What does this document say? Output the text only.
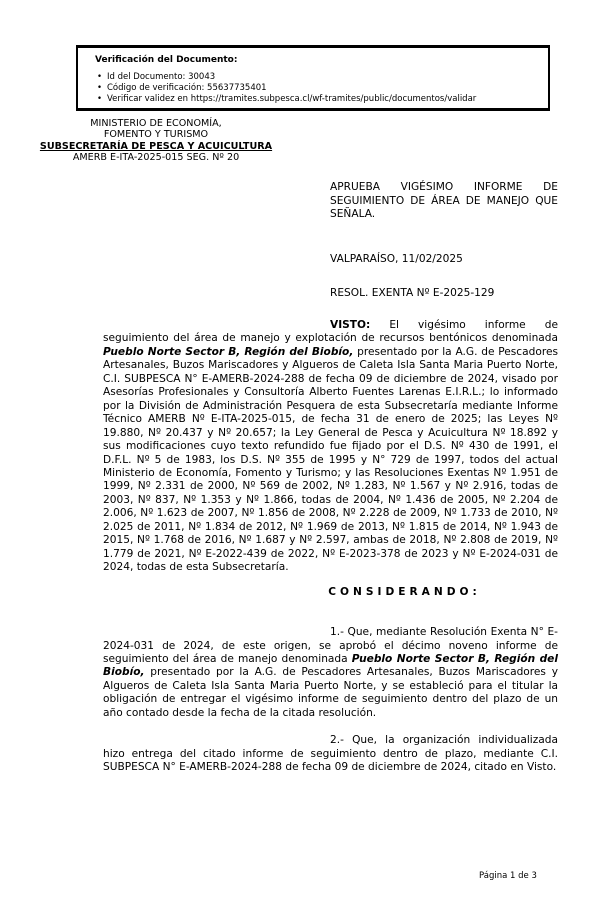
Verificación del Documento:
• Id del Documento: 30043
• Código de verificación: 55637735401
• Verificar validez en https://tramites.subpesca.cl/wf-tramites/public/documentos/validar
MINISTERIO DE ECONOMÍA,
FOMENTO Y TURISMO
SUBSECRETARÍA DE PESCA Y ACUICULTURA
AMERB E-ITA-2025-015 SEG. Nº 20
APRUEBA VIGÉSIMO INFORME DE SEGUIMIENTO DE ÁREA DE MANEJO QUE SEÑALA.
VALPARAÍSO, 11/02/2025
RESOL. EXENTA Nº E-2025-129

VISTO: El vigésimo informe de seguimiento del área de manejo y explotación de recursos bentónicos denominada Pueblo Norte Sector B, Región del Biobío, presentado por la A.G. de Pescadores Artesanales, Buzos Mariscadores y Algueros de Caleta Isla Santa Maria Puerto Norte, C.I. SUBPESCA N° E-AMERB-2024-288 de fecha 09 de diciembre de 2024, visado por Asesorías Profesionales y Consultoría Alberto Fuentes Larenas E.I.R.L.; lo informado por la División de Administración Pesquera de esta Subsecretaría mediante Informe Técnico AMERB Nº E-ITA-2025-015, de fecha 31 de enero de 2025; las Leyes Nº 19.880, Nº 20.437 y Nº 20.657; la Ley General de Pesca y Acuicultura Nº 18.892 y sus modificaciones cuyo texto refundido fue fijado por el D.S. Nº 430 de 1991, el D.F.L. Nº 5 de 1983, los D.S. Nº 355 de 1995 y N° 729 de 1997, todos del actual Ministerio de Economía, Fomento y Turismo; y las Resoluciones Exentas Nº 1.951 de 1999, Nº 2.331 de 2000, Nº 569 de 2002, Nº 1.283, Nº 1.567 y Nº 2.916, todas de 2003, Nº 837, Nº 1.353 y Nº 1.866, todas de 2004, Nº 1.436 de 2005, Nº 2.204 de 2.006, Nº 1.623 de 2007, Nº 1.856 de 2008, Nº 2.228 de 2009, Nº 1.733 de 2010, Nº 2.025 de 2011, Nº 1.834 de 2012, Nº 1.969 de 2013, Nº 1.815 de 2014, Nº 1.943 de 2015, Nº 1.768 de 2016, Nº 1.687 y Nº 2.597, ambas de 2018, Nº 2.808 de 2019, Nº 1.779 de 2021, Nº E-2022-439 de 2022, Nº E-2023-378 de 2023 y Nº E-2024-031 de 2024, todas de esta Subsecretaría.

CONSIDERANDO:

1.- Que, mediante Resolución Exenta N° E-2024-031 de 2024, de este origen, se aprobó el décimo noveno informe de seguimiento del área de manejo denominada Pueblo Norte Sector B, Región del Biobío, presentado por la A.G. de Pescadores Artesanales, Buzos Mariscadores y Algueros de Caleta Isla Santa Maria Puerto Norte, y se estableció para el titular la obligación de entregar el vigésimo informe de seguimiento dentro del plazo de un año contado desde la fecha de la citada resolución.

2.- Que, la organización individualizada hizo entrega del citado informe de seguimiento dentro de plazo, mediante C.I. SUBPESCA N° E-AMERB-2024-288 de fecha 09 de diciembre de 2024, citado en Visto.

Página 1 de 3
